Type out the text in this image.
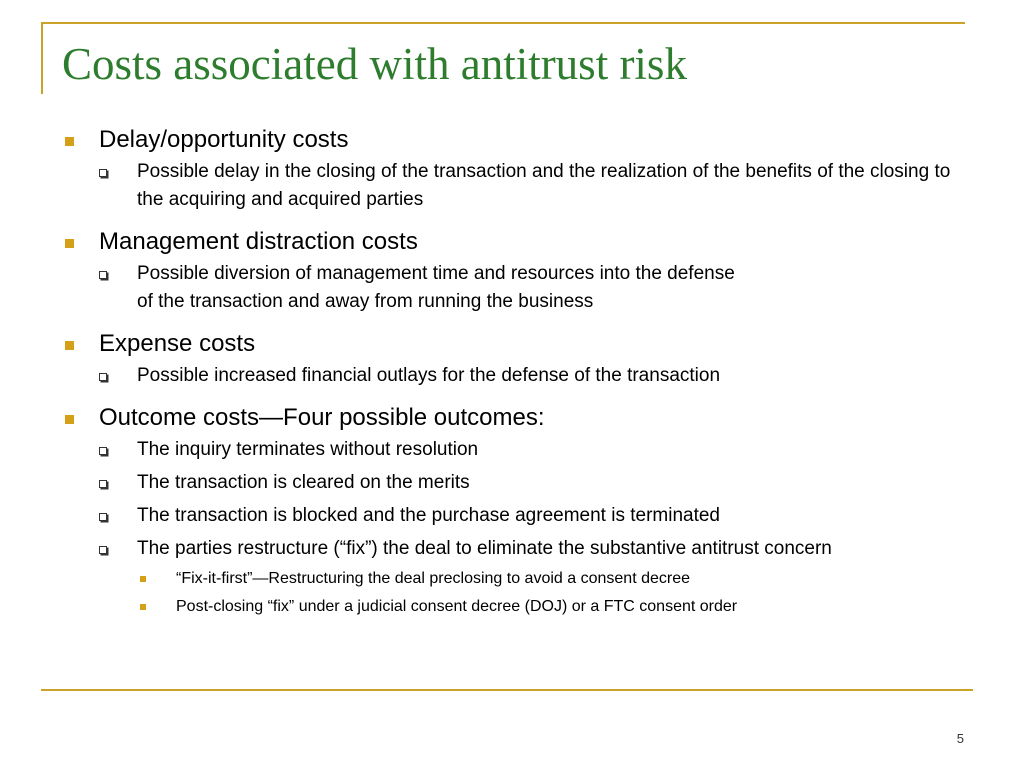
Costs associated with antitrust risk
Delay/opportunity costs
Possible delay in the closing of the transaction and the realization of the benefits of the closing to the acquiring and acquired parties
Management distraction costs
Possible diversion of management time and resources into the defense
of the transaction and away from running the business
Expense costs
Possible increased financial outlays for the defense of the transaction
Outcome costs—Four possible outcomes:
The inquiry terminates without resolution
The transaction is cleared on the merits
The transaction is blocked and the purchase agreement is terminated
The parties restructure (“fix”) the deal to eliminate the substantive antitrust concern
“Fix-it-first”—Restructuring the deal preclosing to avoid a consent decree
Post-closing “fix” under a judicial consent decree (DOJ) or a FTC consent order
5
